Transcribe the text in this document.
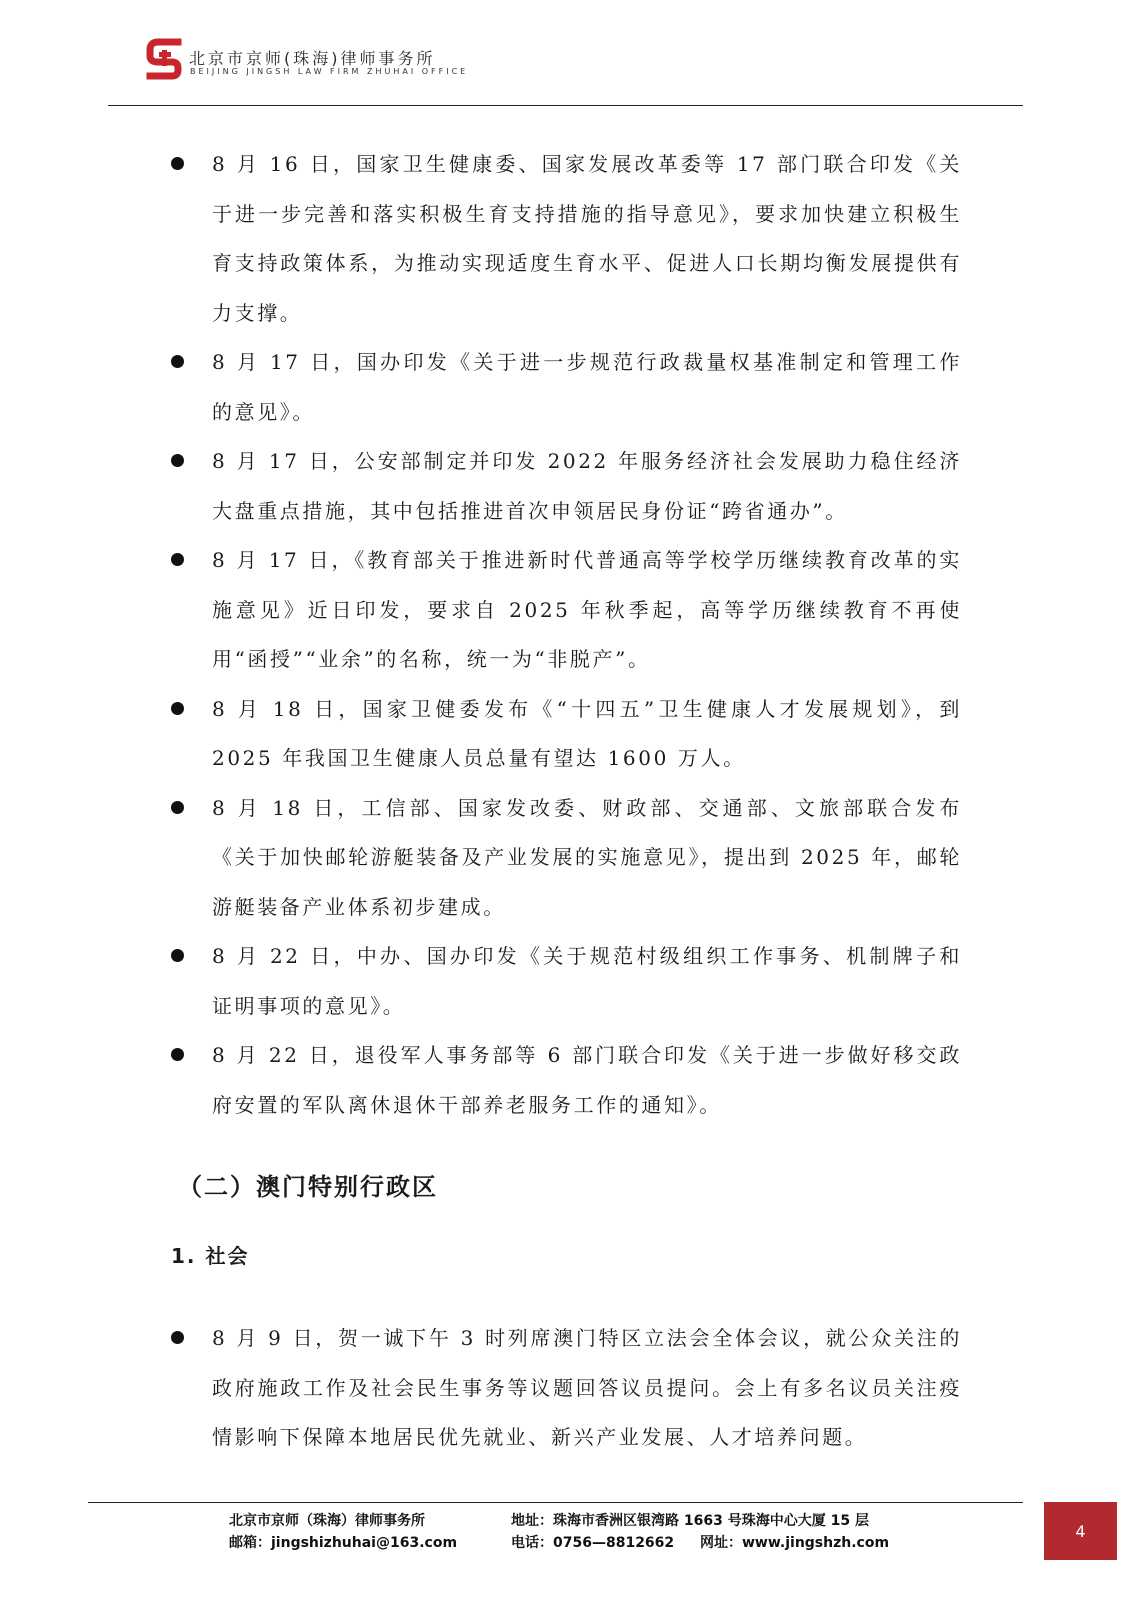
北京市京师(珠海)律师事务所
BEIJING JINGSH LAW FIRM ZHUHAI OFFICE
8 月 16 日，国家卫生健康委、国家发展改革委等 17 部门联合印发《关于进一步完善和落实积极生育支持措施的指导意见》，要求加快建立积极生育支持政策体系，为推动实现适度生育水平、促进人口长期均衡发展提供有力支撑。
8 月 17 日，国办印发《关于进一步规范行政裁量权基准制定和管理工作的意见》。
8 月 17 日，公安部制定并印发 2022 年服务经济社会发展助力稳住经济大盘重点措施，其中包括推进首次申领居民身份证“跨省通办”。
8 月 17 日，《教育部关于推进新时代普通高等学校学历继续教育改革的实施意见》近日印发，要求自 2025 年秋季起，高等学历继续教育不再使用“函授”“业余”的名称，统一为“非脱产”。
8 月 18 日，国家卫健委发布《“十四五”卫生健康人才发展规划》，到 2025 年我国卫生健康人员总量有望达 1600 万人。
8 月 18 日，工信部、国家发改委、财政部、交通部、文旅部联合发布《关于加快邮轮游艇装备及产业发展的实施意见》，提出到 2025 年，邮轮游艇装备产业体系初步建成。
8 月 22 日，中办、国办印发《关于规范村级组织工作事务、机制牌子和证明事项的意见》。
8 月 22 日，退役军人事务部等 6 部门联合印发《关于进一步做好移交政府安置的军队离休退休干部养老服务工作的通知》。
（二）澳门特别行政区
1. 社会
8 月 9 日，贺一诚下午 3 时列席澳门特区立法会全体会议，就公众关注的政府施政工作及社会民生事务等议题回答议员提问。会上有多名议员关注疫情影响下保障本地居民优先就业、新兴产业发展、人才培养问题。
北京市京师（珠海）律师事务所
邮箱：jingshizhuhai@163.com
地址：珠海市香洲区银湾路 1663 号珠海中心大厦 15 层
电话：0756—8812662 网址：www.jingshzh.com
4
